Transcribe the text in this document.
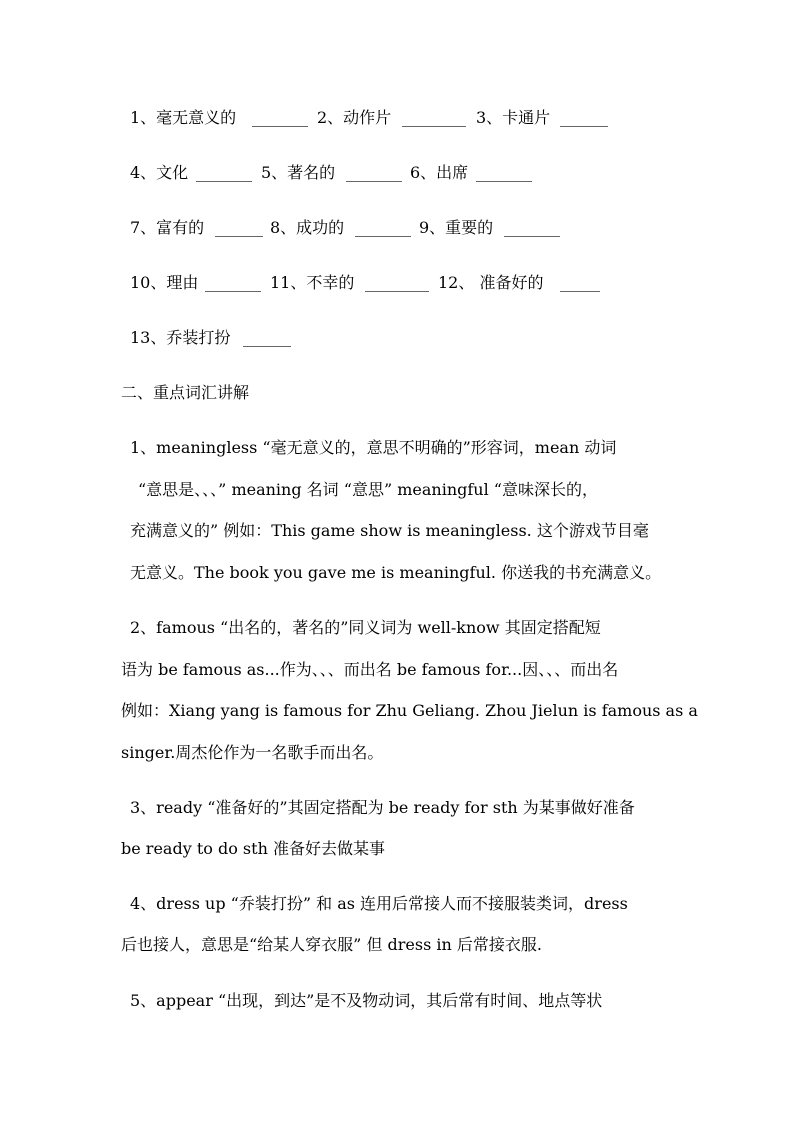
1、毫无意义的 _______ 2、动作片 ________ 3、卡通片 ______
4、文化 _______ 5、著名的 _______ 6、出席 _______
7、富有的 ______ 8、成功的 _______ 9、重要的 _______
10、理由 _______ 11、不幸的 ________ 12、 准备好的 _____
13、乔装打扮 ______
二、重点词汇讲解
1、meaningless “毫无意义的，意思不明确的”形容词，mean 动词
“意思是、、、” meaning 名词 “意思” meaningful “意味深长的，
充满意义的” 例如：This game show is meaningless. 这个游戏节目毫
无意义。The book you gave me is meaningful. 你送我的书充满意义。
2、famous “出名的，著名的”同义词为 well-know 其固定搭配短
语为 be famous as...作为、、、而出名 be famous for...因、、、而出名
例如：Xiang yang is famous for Zhu Geliang. Zhou Jielun is famous as a
singer.周杰伦作为一名歌手而出名。
3、ready “准备好的”其固定搭配为 be ready for sth 为某事做好准备
be ready to do sth 准备好去做某事
4、dress up “乔装打扮” 和 as 连用后常接人而不接服装类词，dress
后也接人，意思是“给某人穿衣服” 但 dress in 后常接衣服.
5、appear “出现，到达”是不及物动词，其后常有时间、地点等状
